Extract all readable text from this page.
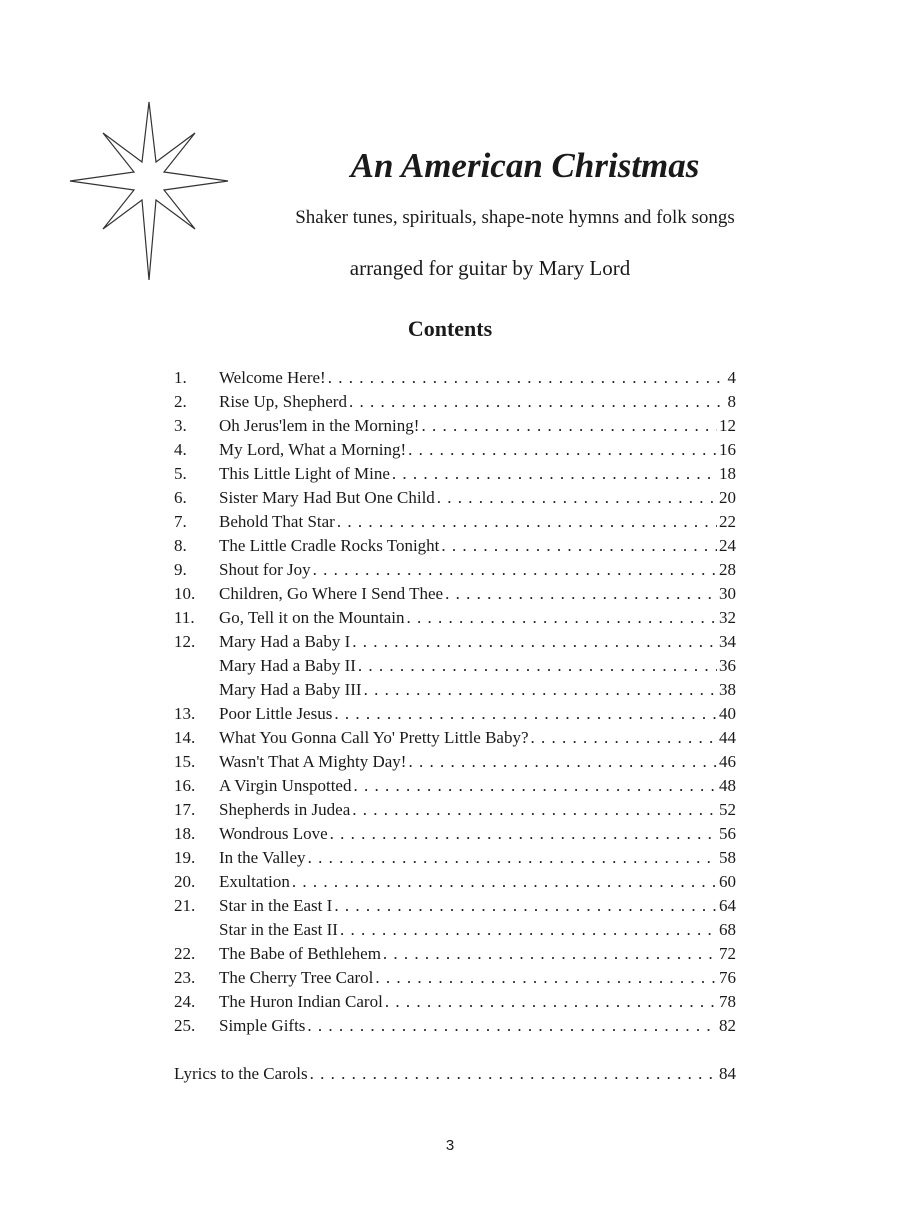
An American Christmas

Shaker tunes, spirituals, shape-note hymns and folk songs

arranged for guitar by Mary Lord

Contents
1.	Welcome Here! . . .	4
2.	Rise Up, Shepherd . . .	8
3.	Oh Jerus'lem in the Morning! . . .	12
4.	My Lord, What a Morning! . . .	16
5.	This Little Light of Mine . . .	18
6.	Sister Mary Had But One Child . . .	20
7.	Behold That Star . . .	22
8.	The Little Cradle Rocks Tonight . . .	24
9.	Shout for Joy . . .	28
10.	Children, Go Where I Send Thee . . .	30
11.	Go, Tell it on the Mountain . . .	32
12.	Mary Had a Baby I . . .	34
Mary Had a Baby II . . .	36
Mary Had a Baby III . . .	38
13.	Poor Little Jesus . . .	40
14.	What You Gonna Call Yo' Pretty Little Baby? . . .	44
15.	Wasn't That A Mighty Day! . . .	46
16.	A Virgin Unspotted . . .	48
17.	Shepherds in Judea . . .	52
18.	Wondrous Love . . .	56
19.	In the Valley . . .	58
20.	Exultation . . .	60
21.	Star in the East I . . .	64
Star in the East II . . .	68
22.	The Babe of Bethlehem . . .	72
23.	The Cherry Tree Carol . . .	76
24.	The Huron Indian Carol . . .	78
25.	Simple Gifts . . .	82
Lyrics to the Carols . . .	84
3
